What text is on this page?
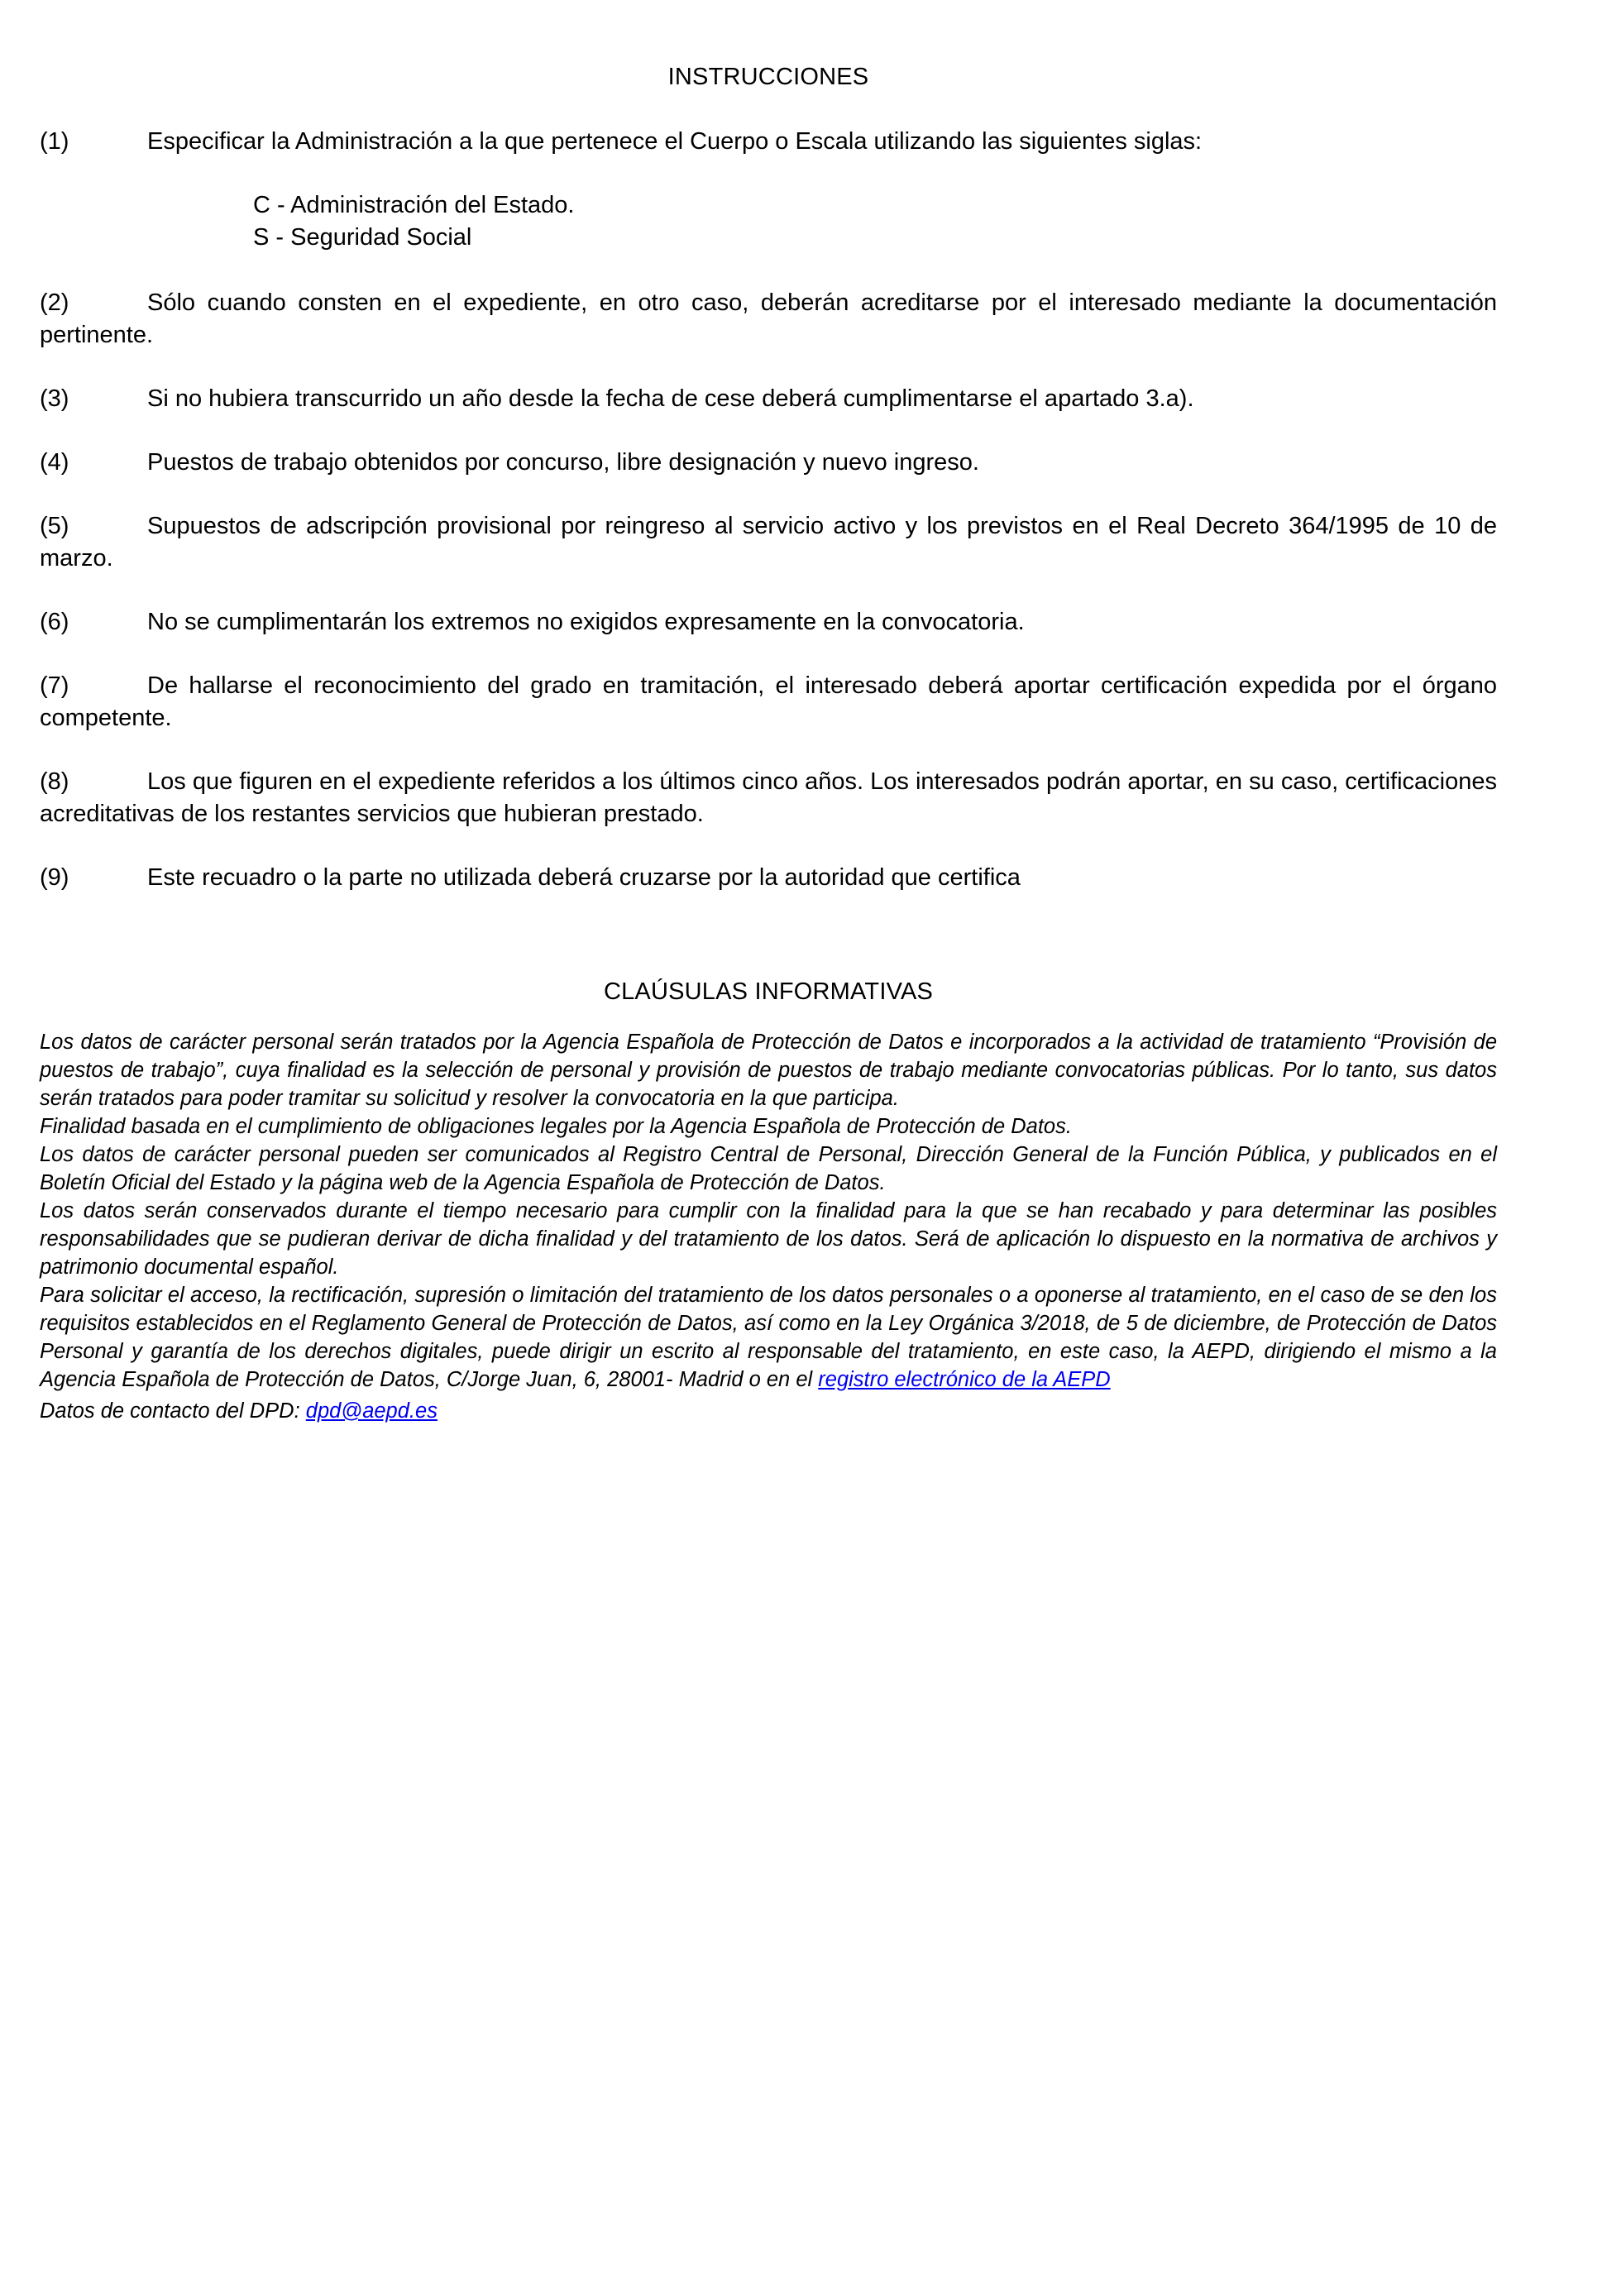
INSTRUCCIONES
(1)	Especificar la Administración a la que pertenece el Cuerpo o Escala utilizando las siguientes siglas:
C - Administración del Estado.
S - Seguridad Social
(2)	Sólo cuando consten en el expediente, en otro caso, deberán acreditarse por el interesado mediante la documentación pertinente.
(3)	Si no hubiera transcurrido un año desde la fecha de cese deberá cumplimentarse el apartado 3.a).
(4)	Puestos de trabajo obtenidos por concurso, libre designación y nuevo ingreso.
(5)	Supuestos de adscripción provisional por reingreso al servicio activo y los previstos en el Real Decreto 364/1995 de 10 de marzo.
(6)	No se cumplimentarán los extremos no exigidos expresamente en la convocatoria.
(7)	De hallarse el reconocimiento del grado en tramitación, el interesado deberá aportar certificación expedida por el órgano competente.
(8)	Los que figuren en el expediente referidos a los últimos cinco años. Los interesados podrán aportar, en su caso, certificaciones acreditativas de los restantes servicios que hubieran prestado.
(9)	Este recuadro o la parte no utilizada deberá cruzarse por la autoridad que certifica
CLAÚSULAS INFORMATIVAS
Los datos de carácter personal serán tratados por la Agencia Española de Protección de Datos e incorporados a la actividad de tratamiento “Provisión de puestos de trabajo”, cuya finalidad es la selección de personal y provisión de puestos de trabajo mediante convocatorias públicas. Por lo tanto, sus datos serán tratados para poder tramitar su solicitud y resolver la convocatoria en la que participa.
Finalidad basada en el cumplimiento de obligaciones legales por la Agencia Española de Protección de Datos.
Los datos de carácter personal pueden ser comunicados al Registro Central de Personal, Dirección General de la Función Pública, y publicados en el Boletín Oficial del Estado y la página web de la Agencia Española de Protección de Datos.
Los datos serán conservados durante el tiempo necesario para cumplir con la finalidad para la que se han recabado y para determinar las posibles responsabilidades que se pudieran derivar de dicha finalidad y del tratamiento de los datos. Será de aplicación lo dispuesto en la normativa de archivos y patrimonio documental español.
Para solicitar el acceso, la rectificación, supresión o limitación del tratamiento de los datos personales o a oponerse al tratamiento, en el caso de se den los requisitos establecidos en el Reglamento General de Protección de Datos, así como en la Ley Orgánica 3/2018, de 5 de diciembre, de Protección de Datos Personal y garantía de los derechos digitales, puede dirigir un escrito al responsable del tratamiento, en este caso, la AEPD, dirigiendo el mismo a la Agencia Española de Protección de Datos, C/Jorge Juan, 6, 28001- Madrid o en el registro electrónico de la AEPD
Datos de contacto del DPD: dpd@aepd.es
